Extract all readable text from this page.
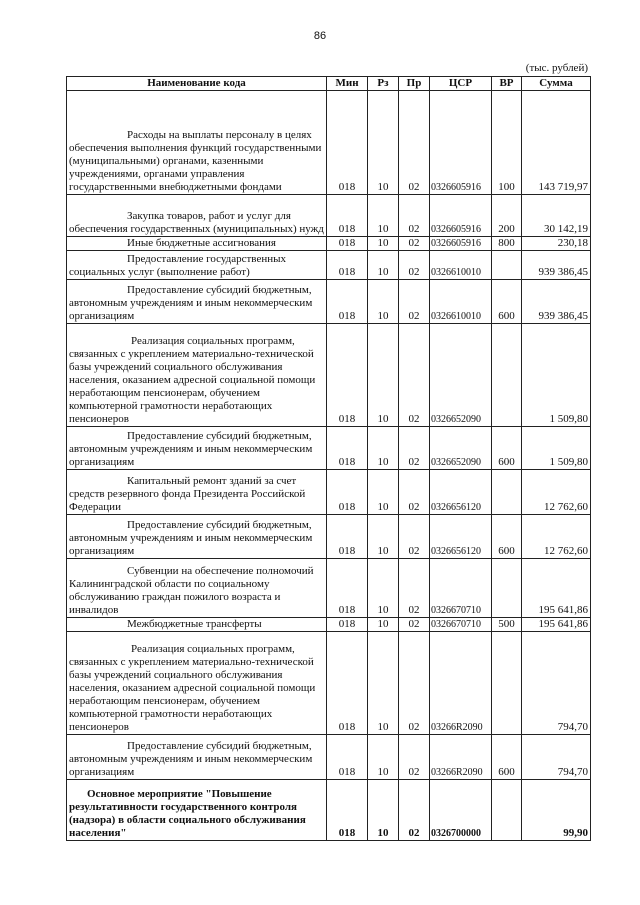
86
(тыс. рублей)
Наименование кода	Мин	Рз	Пр	ЦСР	ВР	Сумма

Расходы на выплаты персоналу в целях обеспечения выполнения функций государственными (муниципальными) органами, казенными учреждениями, органами управления государственными внебюджетными фондами	018	10	02	0326605916	100	143 719,97

Закупка товаров, работ и услуг для обеспечения государственных (муниципальных) нужд	018	10	02	0326605916	200	30 142,19

Иные бюджетные ассигнования	018	10	02	0326605916	800	230,18

Предоставление государственных социальных услуг (выполнение работ)	018	10	02	0326610010		939 386,45

Предоставление субсидий бюджетным, автономным учреждениям и иным некоммерческим организациям	018	10	02	0326610010	600	939 386,45

Реализация социальных программ, связанных с укреплением материально-технической базы учреждений социального обслуживания населения, оказанием адресной социальной помощи неработающим пенсионерам, обучением компьютерной грамотности неработающих пенсионеров	018	10	02	0326652090		1 509,80

Предоставление субсидий бюджетным, автономным учреждениям и иным некоммерческим организациям	018	10	02	0326652090	600	1 509,80

Капитальный ремонт зданий за счет средств резервного фонда Президента Российской Федерации	018	10	02	0326656120		12 762,60

Предоставление субсидий бюджетным, автономным учреждениям и иным некоммерческим организациям	018	10	02	0326656120	600	12 762,60

Субвенции на обеспечение полномочий Калининградской области по социальному обслуживанию граждан пожилого возраста и инвалидов	018	10	02	0326670710		195 641,86

Межбюджетные трансферты	018	10	02	0326670710	500	195 641,86

Реализация социальных программ, связанных с укреплением материально-технической базы учреждений социального обслуживания населения, оказанием адресной социальной помощи неработающим пенсионерам, обучением компьютерной грамотности неработающих пенсионеров	018	10	02	03266R2090		794,70

Предоставление субсидий бюджетным, автономным учреждениям и иным некоммерческим организациям	018	10	02	03266R2090	600	794,70

Основное мероприятие "Повышение результативности государственного контроля (надзора) в области социального обслуживания населения"	018	10	02	0326700000		99,90
